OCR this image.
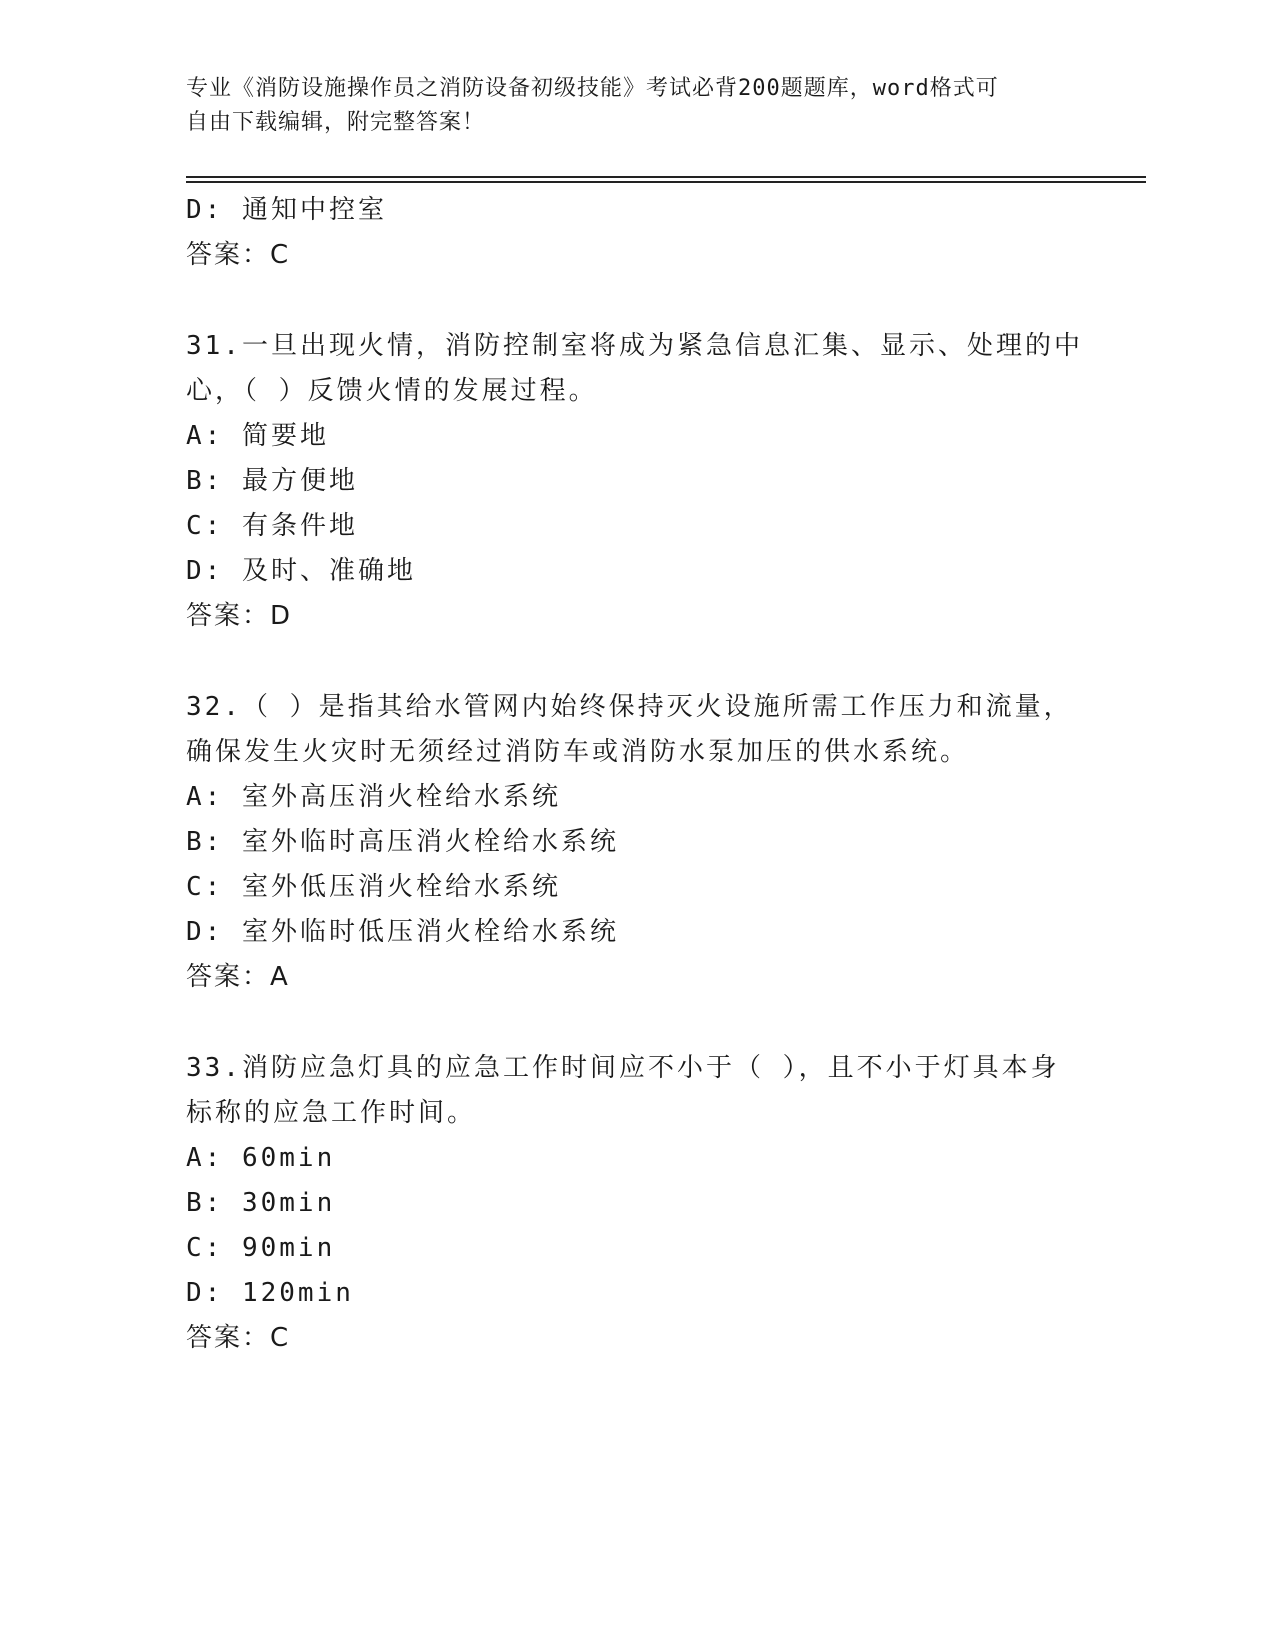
专业《消防设施操作员之消防设备初级技能》考试必背200题题库，word格式可
自由下载编辑，附完整答案！
D: 通知中控室
答案：C
31.一旦出现火情，消防控制室将成为紧急信息汇集、显示、处理的中
心，（ ）反馈火情的发展过程。
A: 简要地
B: 最方便地
C: 有条件地
D: 及时、准确地
答案：D
32.（ ）是指其给水管网内始终保持灭火设施所需工作压力和流量，
确保发生火灾时无须经过消防车或消防水泵加压的供水系统。
A: 室外高压消火栓给水系统
B: 室外临时高压消火栓给水系统
C: 室外低压消火栓给水系统
D: 室外临时低压消火栓给水系统
答案：A
33.消防应急灯具的应急工作时间应不小于（ ），且不小于灯具本身
标称的应急工作时间。
A: 60min
B: 30min
C: 90min
D: 120min
答案：C
